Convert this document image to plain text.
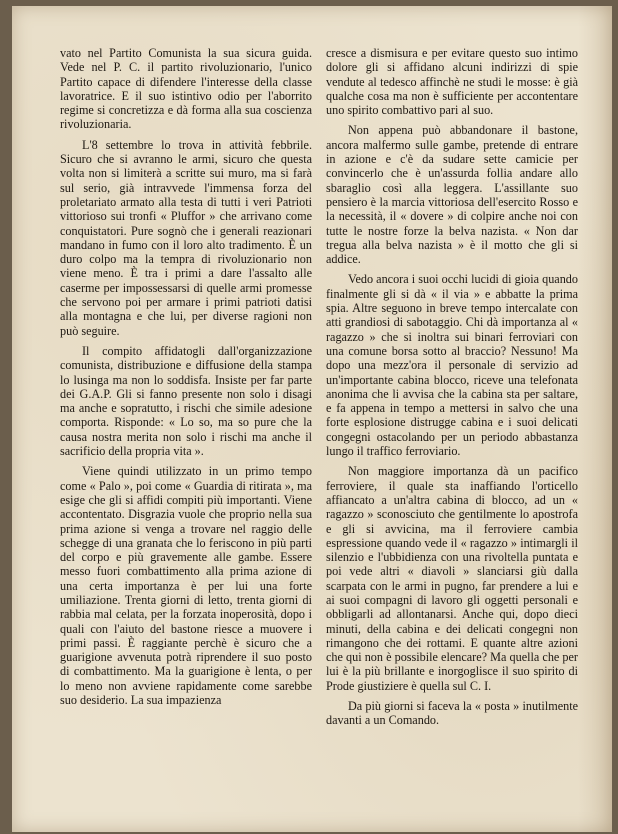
vato nel Partito Comunista la sua sicura guida. Vede nel P. C. il partito rivoluzionario, l'unico Partito capace di difendere l'interesse della classe lavoratrice. E il suo istintivo odio per l'aborrito regime si concretizza e dà forma alla sua coscienza rivoluzionaria.

L'8 settembre lo trova in attività febbrile. Sicuro che si avranno le armi, sicuro che questa volta non si limiterà a scritte sui muro, ma si farà sul serio, già intravvede l'immensa forza del proletariato armato alla testa di tutti i veri Patrioti vittorioso sui tronfi « Pluffor » che arrivano come conquistatori. Pure sognò che i generali reazionari mandano in fumo con il loro alto tradimento. È un duro colpo ma la tempra di rivoluzionario non viene meno. È tra i primi a dare l'assalto alle caserme per impossessarsi di quelle armi promesse che servono poi per armare i primi patrioti datisi alla montagna e che lui, per diverse ragioni non può seguire.

Il compito affidatogli dall'organizzazione comunista, distribuzione e diffusione della stampa lo lusinga ma non lo soddisfa. Insiste per far parte dei G.A.P. Gli si fanno presente non solo i disagi ma anche e sopratutto, i rischi che simile adesione comporta. Risponde: « Lo so, ma so pure che la causa nostra merita non solo i rischi ma anche il sacrificio della propria vita ».

Viene quindi utilizzato in un primo tempo come « Palo », poi come « Guardia di ritirata », ma esige che gli si affidi compiti più importanti. Viene accontentato. Disgrazia vuole che proprio nella sua prima azione si venga a trovare nel raggio delle schegge di una granata che lo feriscono in più parti del corpo e più gravemente alle gambe. Essere messo fuori combattimento alla prima azione di una certa importanza è per lui una forte umiliazione. Trenta giorni di letto, trenta giorni di rabbia mal celata, per la forzata inoperosità, dopo i quali con l'aiuto del bastone riesce a muovere i primi passi. È raggiante perchè è sicuro che a guarigione avvenuta potrà riprendere il suo posto di combattimento. Ma la guarigione è lenta, o per lo meno non avviene rapidamente come sarebbe suo desiderio. La sua impazienza

cresce a dismisura e per evitare questo suo intimo dolore gli si affidano alcuni indirizzi di spie vendute al tedesco affinchè ne studi le mosse: è già qualche cosa ma non è sufficiente per accontentare uno spirito combattivo pari al suo.

Non appena può abbandonare il bastone, ancora malfermo sulle gambe, pretende di entrare in azione e c'è da sudare sette camicie per convincerlo che è un'assurda follia andare allo sbaraglio così alla leggera. L'assillante suo pensiero è la marcia vittoriosa dell'esercito Rosso e la necessità, il « dovere » di colpire anche noi con tutte le nostre forze la belva nazista. « Non dar tregua alla belva nazista » è il motto che gli si addice.

Vedo ancora i suoi occhi lucidi di gioia quando finalmente gli si dà « il via » e abbatte la prima spia. Altre seguono in breve tempo intercalate con atti grandiosi di sabotaggio. Chi dà importanza al « ragazzo » che si inoltra sui binari ferroviari con una comune borsa sotto al braccio? Nessuno! Ma dopo una mezz'ora il personale di servizio ad un'importante cabina blocco, riceve una telefonata anonima che li avvisa che la cabina sta per saltare, e fa appena in tempo a mettersi in salvo che una forte esplosione distrugge cabina e i suoi delicati congegni ostacolando per un periodo abbastanza lungo il traffico ferroviario.

Non maggiore importanza dà un pacifico ferroviere, il quale sta inaffiando l'orticello affiancato a un'altra cabina di blocco, ad un « ragazzo » sconosciuto che gentilmente lo apostrofa e gli si avvicina, ma il ferroviere cambia espressione quando vede il « ragazzo » intimargli il silenzio e l'ubbidienza con una rivoltella puntata e poi vede altri « diavoli » slanciarsi giù dalla scarpata con le armi in pugno, far prendere a lui e ai suoi compagni di lavoro gli oggetti personali e obbligarli ad allontanarsi. Anche qui, dopo dieci minuti, della cabina e dei delicati congegni non rimangono che dei rottami. E quante altre azioni che qui non è possibile elencare? Ma quella che per lui è la più brillante e inorgoglisce il suo spirito di Prode giustiziere è quella sul C. I.

Da più giorni si faceva la « posta » inutilmente davanti a un Comando.
